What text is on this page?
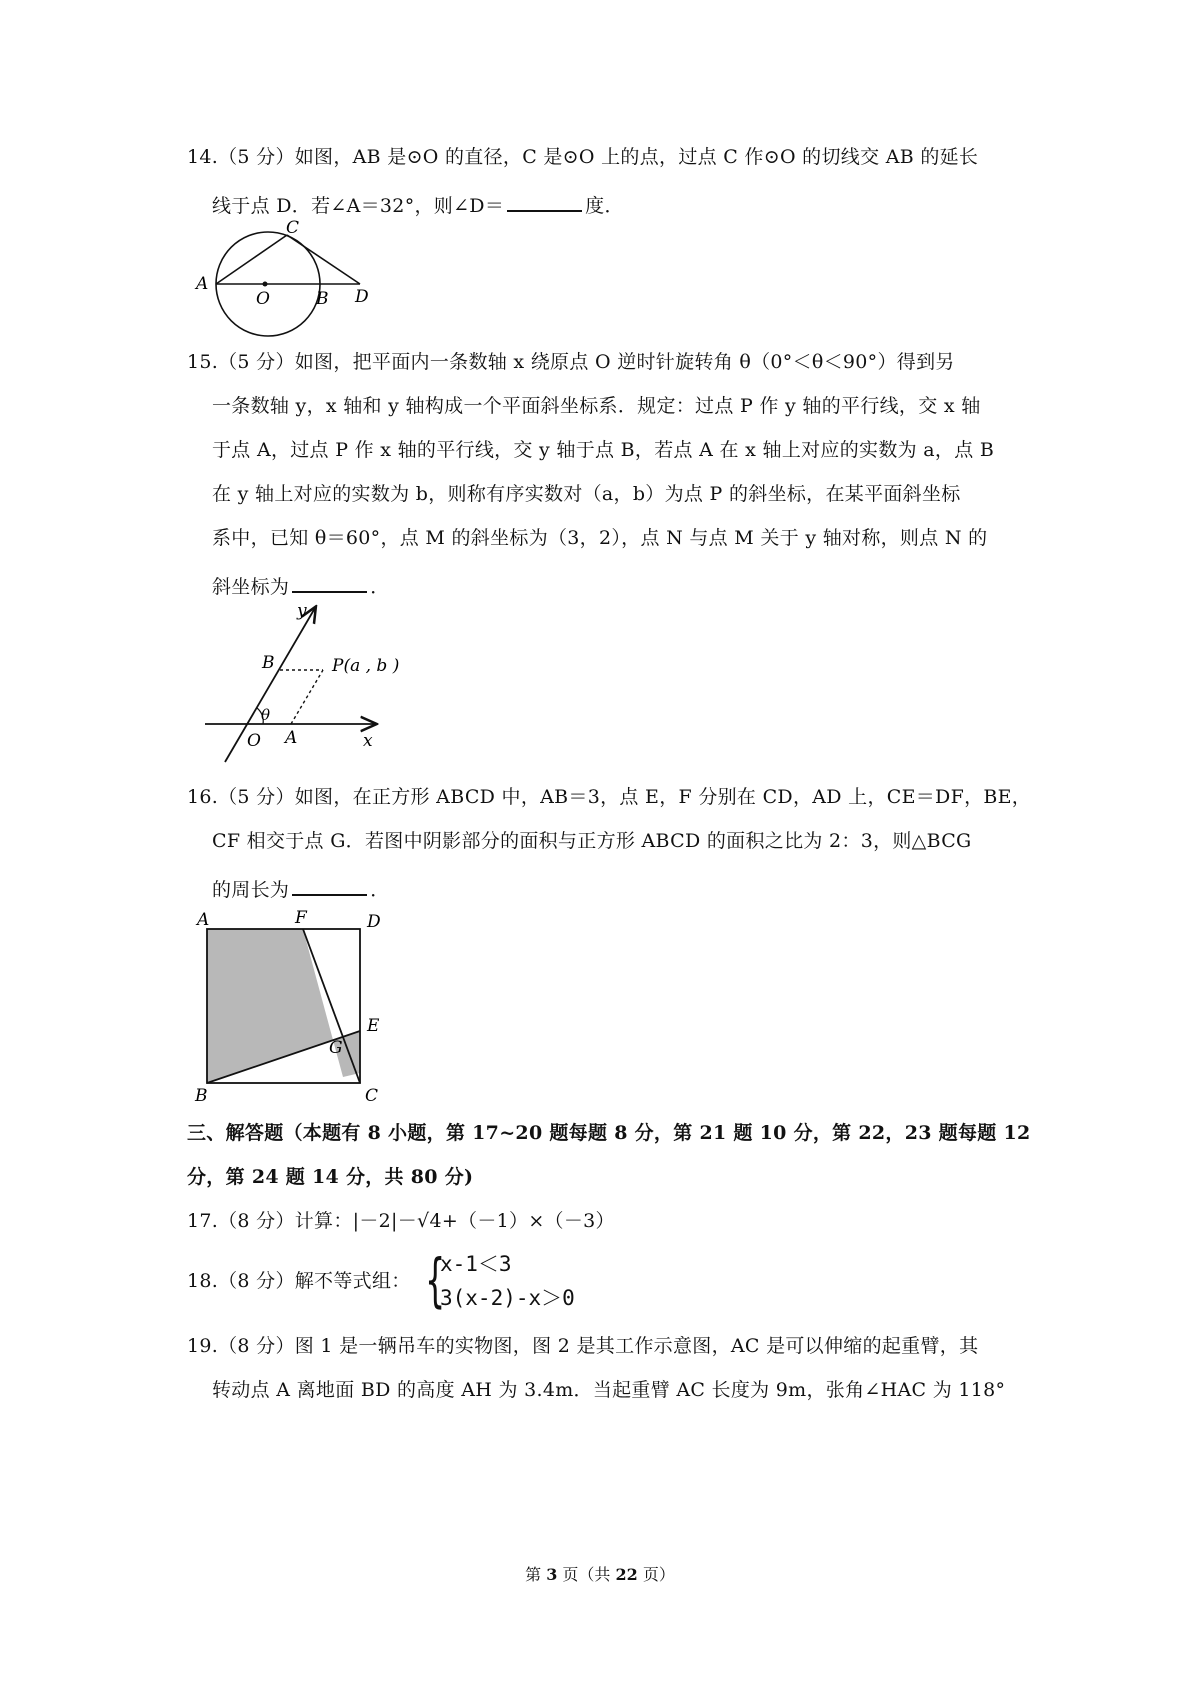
14.（5 分）如图，AB 是⊙O 的直径，C 是⊙O 上的点，过点 C 作⊙O 的切线交 AB 的延长
线于点 D．若∠A＝32°，则∠D＝	度．
A
O	B
C
D
15.（5 分）如图，把平面内一条数轴 x 绕原点 O 逆时针旋转角 θ（0°＜θ＜90°）得到另
一条数轴 y，x 轴和 y 轴构成一个平面斜坐标系．规定：过点 P 作 y 轴的平行线，交 x 轴
于点 A，过点 P 作 x 轴的平行线，交 y 轴于点 B，若点 A 在 x 轴上对应的实数为 a，点 B
在 y 轴上对应的实数为 b，则称有序实数对（a，b）为点 P 的斜坐标，在某平面斜坐标
系中，已知 θ＝60°，点 M 的斜坐标为（3，2），点 N 与点 M 关于 y 轴对称，则点 N 的
斜坐标为	．
y
B	P(a , b )
θ
O A	x
16.（5 分）如图，在正方形 ABCD 中，AB＝3，点 E，F 分别在 CD，AD 上，CE＝DF，BE，
CF 相交于点 G．若图中阴影部分的面积与正方形 ABCD 的面积之比为 2：3，则△BCG
的周长为	．
A	F	D
E
G
B	C
三、解答题（本题有 8 小题，第 17~20 题每题 8 分，第 21 题 10 分，第 22，23 题每题 12
分，第 24 题 14 分，共 80 分)
17.（8 分）计算：|－2|－√4+（－1）×（－3）
18.（8 分）解不等式组： {
x-1＜3
3(x-2)-x＞0
19.（8 分）图 1 是一辆吊车的实物图，图 2 是其工作示意图，AC 是可以伸缩的起重臂，其
转动点 A 离地面 BD 的高度 AH 为 3.4m．当起重臂 AC 长度为 9m，张角∠HAC 为 118°
第 3 页（共 22 页）
